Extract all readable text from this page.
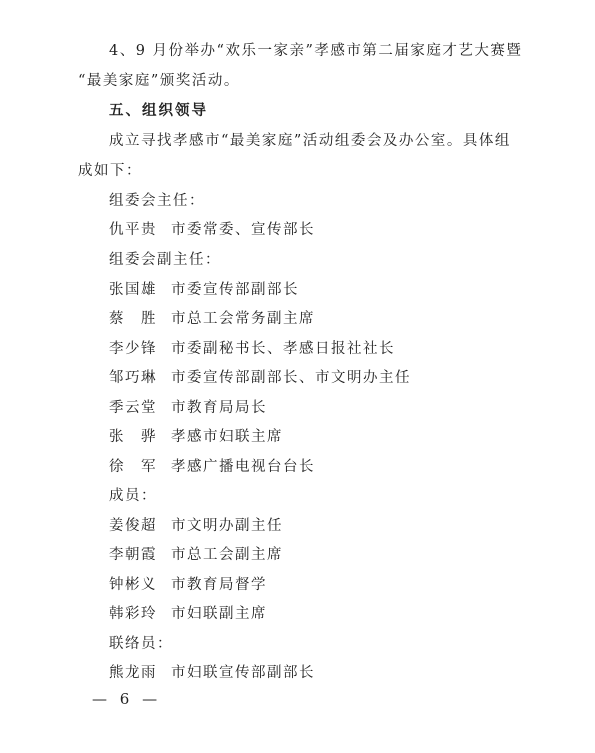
4、9 月份举办“欢乐一家亲”孝感市第二届家庭才艺大赛暨
“最美家庭”颁奖活动。
五、组织领导
成立寻找孝感市“最美家庭”活动组委会及办公室。具体组
成如下：
组委会主任：
仇平贵 市委常委、宣传部长
组委会副主任：
张国雄 市委宣传部副部长
蔡　胜 市总工会常务副主席
李少锋 市委副秘书长、孝感日报社社长
邹巧琳 市委宣传部副部长、市文明办主任
季云堂 市教育局局长
张　骅 孝感市妇联主席
徐　军 孝感广播电视台台长
成员：
姜俊超 市文明办副主任
李朝霞 市总工会副主席
钟彬义 市教育局督学
韩彩玲 市妇联副主席
联络员：
熊龙雨 市妇联宣传部副部长
— 6 —
